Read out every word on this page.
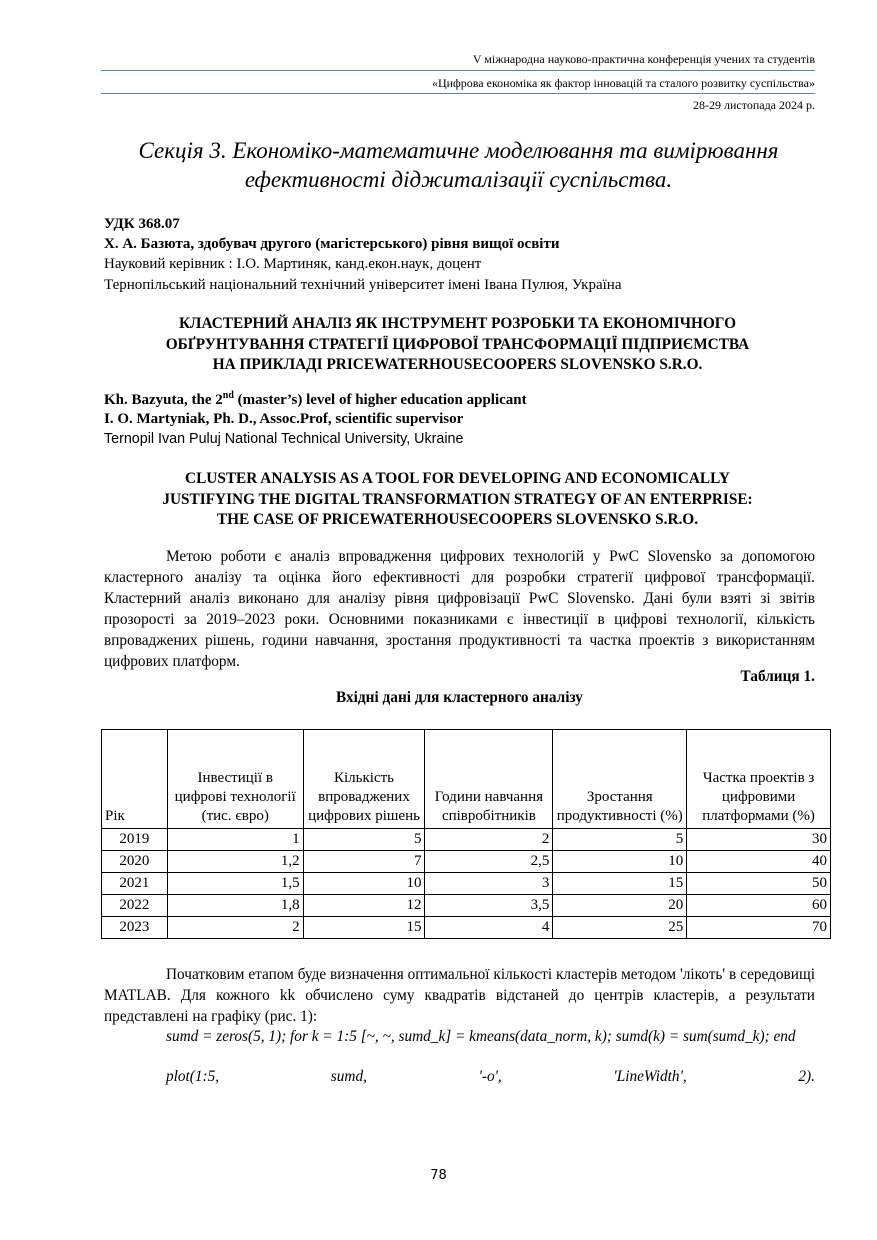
V міжнародна науково-практична конференція учених та студентів
«Цифрова економіка як фактор інновацій та сталого розвитку суспільства»
28-29 листопада 2024 р.
Секція 3. Економіко-математичне моделювання та вимірювання
ефективності діджиталізації суспільства.
УДК 368.07
Х. А. Базюта, здобувач другого (магістерського) рівня вищої освіти
Науковий керівник : І.О. Мартиняк, канд.екон.наук, доцент
Тернопільський національний технічний університет імені Івана Пулюя, Україна
КЛАСТЕРНИЙ АНАЛІЗ ЯК ІНСТРУМЕНТ РОЗРОБКИ ТА ЕКОНОМІЧНОГО
ОБҐРУНТУВАННЯ СТРАТЕГІЇ ЦИФРОВОЇ ТРАНСФОРМАЦІЇ ПІДПРИЄМСТВА
НА ПРИКЛАДІ PRICEWATERHOUSECOOPERS SLOVENSKO S.R.O.
Kh. Bazyuta, the 2nd (master’s) level of higher education applicant
I. O. Martyniak, Ph. D., Assoc.Prof, scientific supervisor
Ternopil Ivan Puluj National Technical University, Ukraine
CLUSTER ANALYSIS AS A TOOL FOR DEVELOPING AND ECONOMICALLY
JUSTIFYING THE DIGITAL TRANSFORMATION STRATEGY OF AN ENTERPRISE:
THE CASE OF PRICEWATERHOUSECOOPERS SLOVENSKO S.R.O.
Метою роботи є аналіз впровадження цифрових технологій у PwC Slovensko за допомогою кластерного аналізу та оцінка його ефективності для розробки стратегії цифрової трансформації. Кластерний аналіз виконано для аналізу рівня цифровізації PwC Slovensko. Дані були взяті зі звітів прозорості за 2019–2023 роки. Основними показниками є інвестиції в цифрові технології, кількість впроваджених рішень, години навчання, зростання продуктивності та частка проектів з використанням цифрових платформ.
Таблиця 1.
Вхідні дані для кластерного аналізу
Рік	Інвестиції в цифрові технології (тис. євро)	Кількість впроваджених цифрових рішень	Години навчання співробітників	Зростання продуктивності (%)	Частка проектів з цифровими платформами (%)
2019	1	5	2	5	30
2020	1,2	7	2,5	10	40
2021	1,5	10	3	15	50
2022	1,8	12	3,5	20	60
2023	2	15	4	25	70
Початковим етапом буде визначення оптимальної кількості кластерів методом 'лікоть' в середовищі MATLAB. Для кожного kk обчислено суму квадратів відстаней до центрів кластерів, а результати представлені на графіку (рис. 1):
sumd = zeros(5, 1); for k = 1:5 [~, ~, sumd_k] = kmeans(data_norm, k); sumd(k) = sum(sumd_k); end
plot(1:5,	sumd,	'-o',	'LineWidth',	2).
78
